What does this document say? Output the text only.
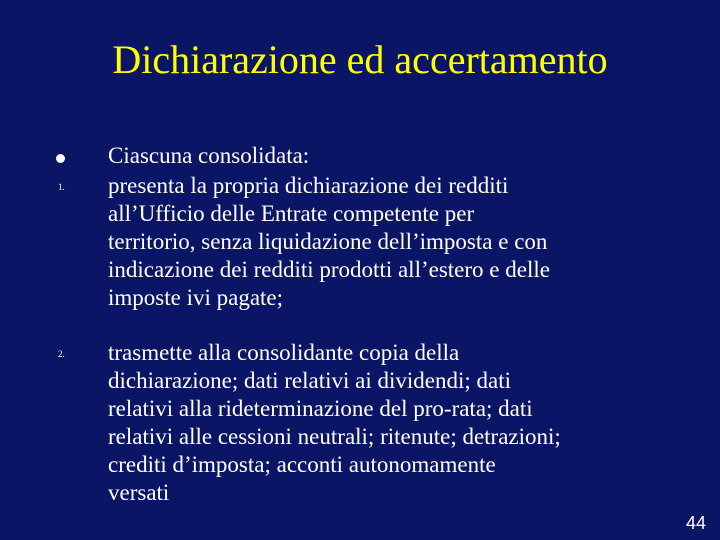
Dichiarazione ed accertamento
Ciascuna consolidata:
1. presenta la propria dichiarazione dei redditi
all’Ufficio delle Entrate competente per
territorio, senza liquidazione dell’imposta e con
indicazione dei redditi prodotti all’estero e delle
imposte ivi pagate;
2. trasmette alla consolidante copia della
dichiarazione; dati relativi ai dividendi; dati
relativi alla rideterminazione del pro-rata; dati
relativi alle cessioni neutrali; ritenute; detrazioni;
crediti d’imposta; acconti autonomamente
versati
44
